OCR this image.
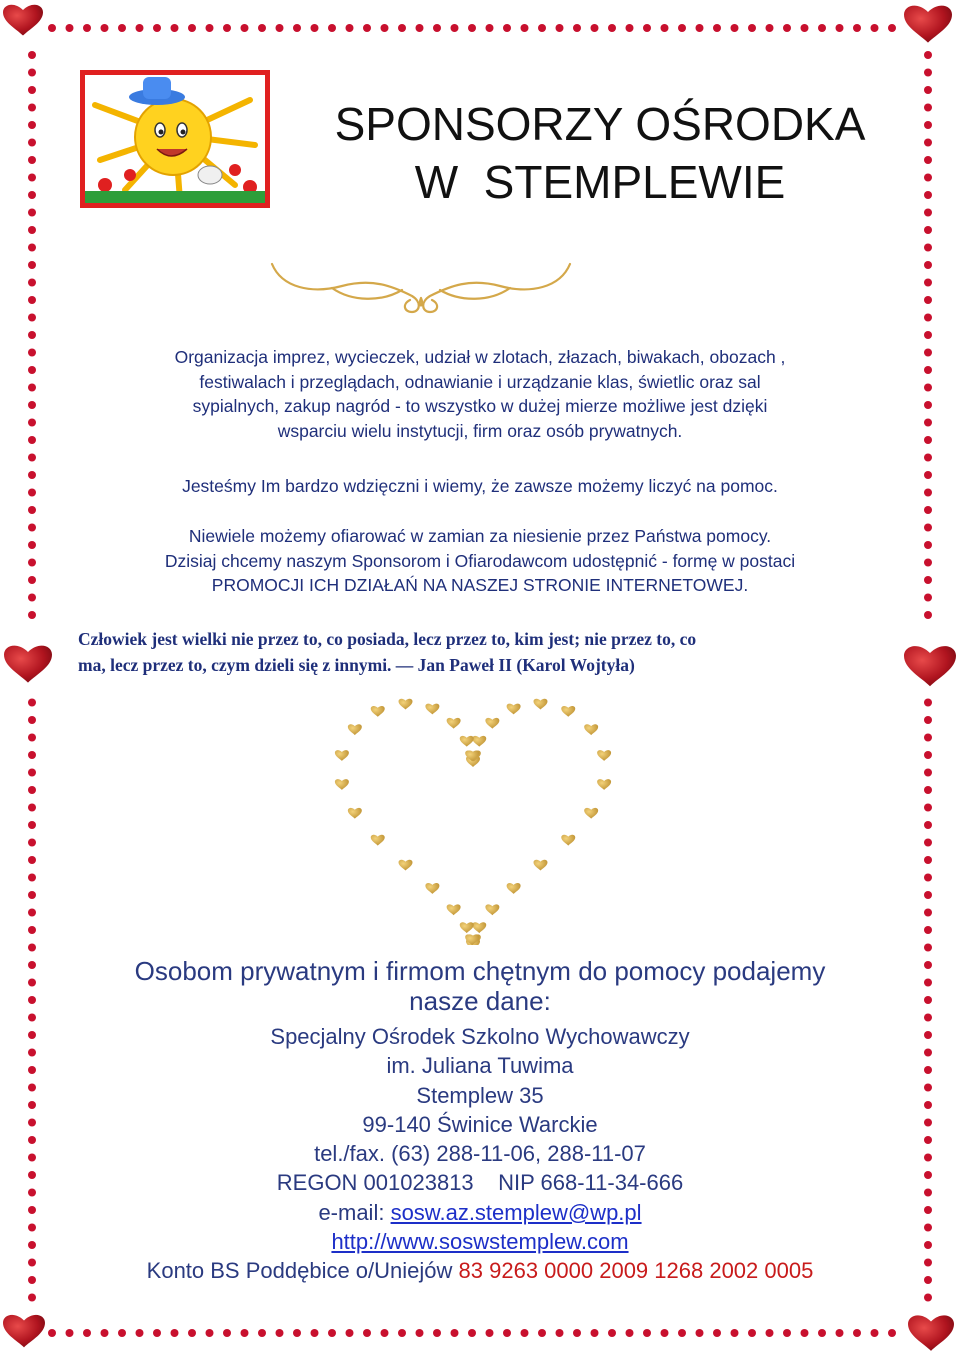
SPONSORZY OŚRODKA
W  STEMPLEWIE
Organizacja imprez, wycieczek, udział w zlotach, złazach, biwakach, obozach ,
festiwalach i przeglądach, odnawianie i urządzanie klas, świetlic oraz sal
sypialnych, zakup nagród - to wszystko w dużej mierze możliwe jest dzięki
wsparciu wielu instytucji, firm oraz osób prywatnych.
Jesteśmy Im bardzo wdzięczni i wiemy, że zawsze możemy liczyć na pomoc.
Niewiele możemy ofiarować w zamian za niesienie przez Państwa pomocy.
Dzisiaj chcemy naszym Sponsorom i Ofiarodawcom udostępnić - formę w postaci
PROMOCJI ICH DZIAŁAŃ NA NASZEJ STRONIE INTERNETOWEJ.
Człowiek jest wielki nie przez to, co posiada, lecz przez to, kim jest; nie przez to, co
ma, lecz przez to, czym dzieli się z innymi. — Jan Paweł II (Karol Wojtyła)
Osobom prywatnym i firmom chętnym do pomocy podajemy
nasze dane:
Specjalny Ośrodek Szkolno Wychowawczy
im. Juliana Tuwima
Stemplew 35
99-140 Świnice Warckie
tel./fax. (63) 288-11-06, 288-11-07
REGON 001023813    NIP 668-11-34-666
e-mail: sosw.az.stemplew@wp.pl
http://www.soswstemplew.com
Konto BS Poddębice o/Uniejów 83 9263 0000 2009 1268 2002 0005
